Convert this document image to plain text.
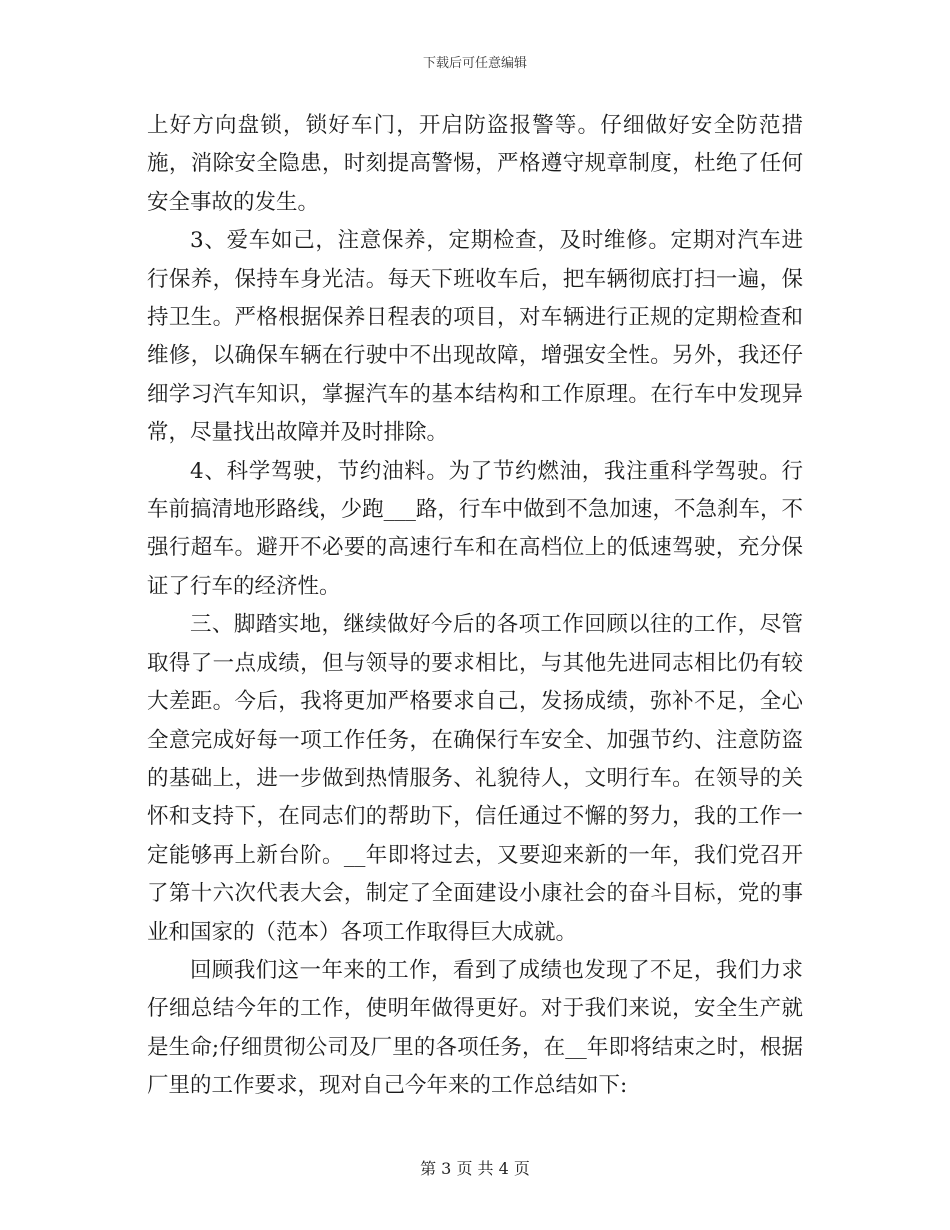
下载后可任意编辑

上好方向盘锁，锁好车门，开启防盗报警等。仔细做好安全防范措施，消除安全隐患，时刻提高警惕，严格遵守规章制度，杜绝了任何安全事故的发生。

3、爱车如己，注意保养，定期检查，及时维修。定期对汽车进行保养，保持车身光洁。每天下班收车后，把车辆彻底打扫一遍，保持卫生。严格根据保养日程表的项目，对车辆进行正规的定期检查和维修，以确保车辆在行驶中不出现故障，增强安全性。另外，我还仔细学习汽车知识，掌握汽车的基本结构和工作原理。在行车中发现异常，尽量找出故障并及时排除。

4、科学驾驶，节约油料。为了节约燃油，我注重科学驾驶。行车前搞清地形路线，少跑___路，行车中做到不急加速，不急刹车，不强行超车。避开不必要的高速行车和在高档位上的低速驾驶，充分保证了行车的经济性。

三、脚踏实地，继续做好今后的各项工作回顾以往的工作，尽管取得了一点成绩，但与领导的要求相比，与其他先进同志相比仍有较大差距。今后，我将更加严格要求自己，发扬成绩，弥补不足，全心全意完成好每一项工作任务，在确保行车安全、加强节约、注意防盗的基础上，进一步做到热情服务、礼貌待人，文明行车。在领导的关怀和支持下，在同志们的帮助下，信任通过不懈的努力，我的工作一定能够再上新台阶。__年即将过去，又要迎来新的一年，我们党召开了第十六次代表大会，制定了全面建设小康社会的奋斗目标，党的事业和国家的（范本）各项工作取得巨大成就。

回顾我们这一年来的工作，看到了成绩也发现了不足，我们力求仔细总结今年的工作，使明年做得更好。对于我们来说，安全生产就是生命;仔细贯彻公司及厂里的各项任务，在__年即将结束之时，根据厂里的工作要求，现对自己今年来的工作总结如下:

第 3 页 共 4 页
